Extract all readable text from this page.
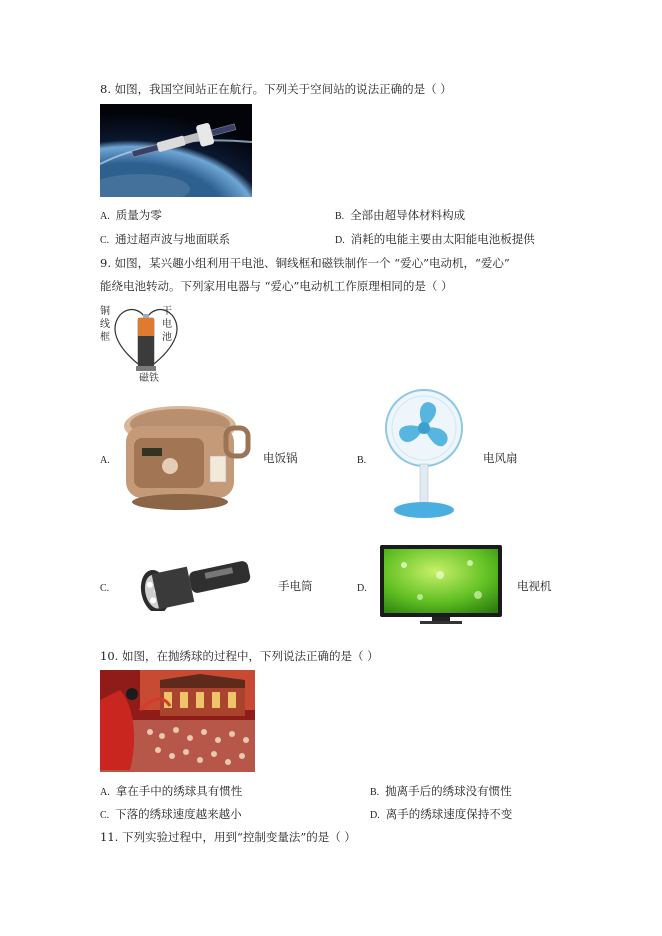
8. 如图，我国空间站正在航行。下列关于空间站的说法正确的是（ ）
A. 质量为零	B. 全部由超导体材料构成
C. 通过超声波与地面联系	D. 消耗的电能主要由太阳能电池板提供
9. 如图，某兴趣小组利用干电池、铜线框和磁铁制作一个 “爱心”电动机，“爱心”
能绕电池转动。下列家用电器与 “爱心”电动机工作原理相同的是（ ）
铜
线
框
干
电
池
磁铁
A.	电饭锅	B.	电风扇
C.	手电筒	D.	电视机
10. 如图，在抛绣球的过程中，下列说法正确的是（ ）
A. 拿在手中的绣球具有惯性	B. 抛离手后的绣球没有惯性
C. 下落的绣球速度越来越小	D. 离手的绣球速度保持不变
11. 下列实验过程中，用到“控制变量法”的是（ ）
